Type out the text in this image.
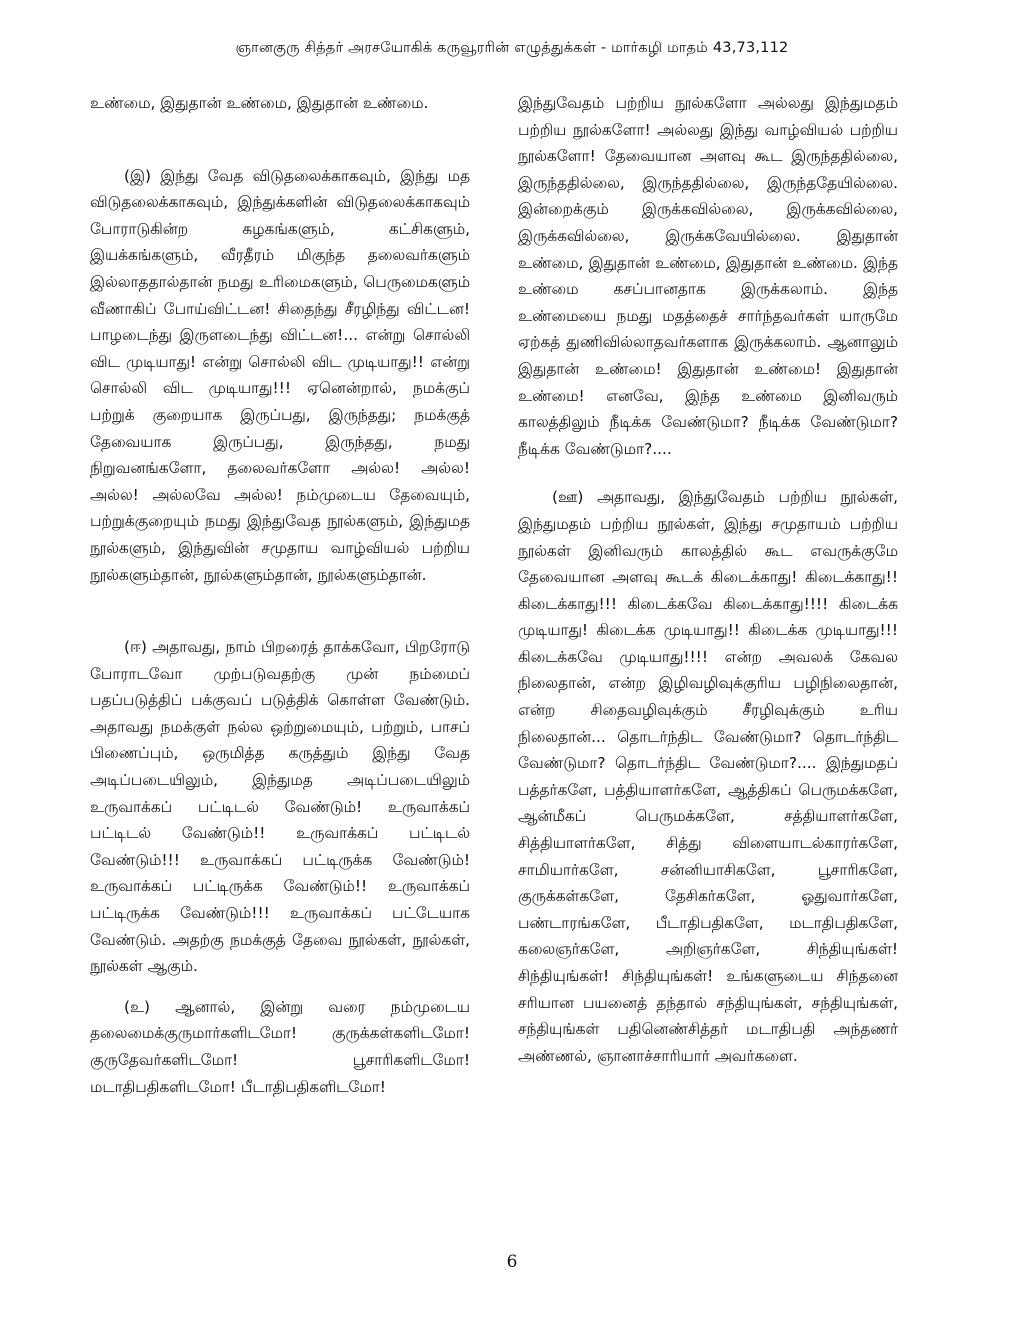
ஞானகுரு சித்தர் அரசயோகிக் கருவூரரின் எழுத்துக்கள் - மார்கழி மாதம் 43,73,112

உண்மை, இதுதான் உண்மை, இதுதான் உண்மை.

(இ) இந்து வேத விடுதலைக்காகவும், இந்து மத விடுதலைக்காகவும், இந்துக்களின் விடுதலைக்காகவும் போராடுகின்ற கழகங்களும், கட்சிகளும், இயக்கங்களும், வீரதீரம் மிகுந்த தலைவர்களும் இல்லாததால்தான் நமது உரிமைகளும், பெருமைகளும் வீணாகிப் போய்விட்டன! சிதைந்து சீரழிந்து விட்டன! பாழடைந்து இருளடைந்து விட்டன!... என்று சொல்லி விட முடியாது! என்று சொல்லி விட முடியாது!! என்று சொல்லி விட முடியாது!!! ஏனென்றால், நமக்குப் பற்றுக் குறையாக இருப்பது, இருந்தது; நமக்குத் தேவையாக இருப்பது, இருந்தது, நமது நிறுவனங்களோ, தலைவர்களோ அல்ல! அல்ல! அல்ல! அல்லவே அல்ல! நம்முடைய தேவையும், பற்றுக்குறையும் நமது இந்துவேத நூல்களும், இந்துமத நூல்களும், இந்துவின் சமுதாய வாழ்வியல் பற்றிய நூல்களும்தான், நூல்களும்தான், நூல்களும்தான்.

(ஈ) அதாவது, நாம் பிறரைத் தாக்கவோ, பிறரோடு போராடவோ முற்படுவதற்கு முன் நம்மைப் பதப்படுத்திப் பக்குவப் படுத்திக் கொள்ள வேண்டும். அதாவது நமக்குள் நல்ல ஒற்றுமையும், பற்றும், பாசப் பிணைப்பும், ஒருமித்த கருத்தும் இந்து வேத அடிப்படையிலும், இந்துமத அடிப்படையிலும் உருவாக்கப் பட்டிடல் வேண்டும்! உருவாக்கப் பட்டிடல் வேண்டும்!! உருவாக்கப் பட்டிடல் வேண்டும்!!! உருவாக்கப் பட்டிருக்க வேண்டும்! உருவாக்கப் பட்டிருக்க வேண்டும்!! உருவாக்கப் பட்டிருக்க வேண்டும்!!! உருவாக்கப் பட்டேயாக வேண்டும். அதற்கு நமக்குத் தேவை நூல்கள், நூல்கள், நூல்கள் ஆகும்.

(உ) ஆனால், இன்று வரை நம்முடைய தலைமைக்குருமார்களிடமோ! குருக்கள்களிடமோ! குருதேவர்களிடமோ! பூசாரிகளிடமோ! மடாதிபதிகளிடமோ! பீடாதிபதிகளிடமோ!

இந்துவேதம் பற்றிய நூல்களோ அல்லது இந்துமதம் பற்றிய நூல்களோ! அல்லது இந்து வாழ்வியல் பற்றிய நூல்களோ! தேவையான அளவு கூட இருந்ததில்லை, இருந்ததில்லை, இருந்ததில்லை, இருந்ததேயில்லை. இன்றைக்கும் இருக்கவில்லை, இருக்கவில்லை, இருக்கவில்லை, இருக்கவேயில்லை. இதுதான் உண்மை, இதுதான் உண்மை, இதுதான் உண்மை. இந்த உண்மை கசப்பானதாக இருக்கலாம். இந்த உண்மையை நமது மதத்தைச் சார்ந்தவர்கள் யாருமே ஏற்கத் துணிவில்லாதவர்களாக இருக்கலாம். ஆனாலும் இதுதான் உண்மை! இதுதான் உண்மை! இதுதான் உண்மை! எனவே, இந்த உண்மை இனிவரும் காலத்திலும் நீடிக்க வேண்டுமா? நீடிக்க வேண்டுமா? நீடிக்க வேண்டுமா?....

(ஊ) அதாவது, இந்துவேதம் பற்றிய நூல்கள், இந்துமதம் பற்றிய நூல்கள், இந்து சமுதாயம் பற்றிய நூல்கள் இனிவரும் காலத்தில் கூட எவருக்குமே தேவையான அளவு கூடக் கிடைக்காது! கிடைக்காது!! கிடைக்காது!!! கிடைக்கவே கிடைக்காது!!!! கிடைக்க முடியாது! கிடைக்க முடியாது!! கிடைக்க முடியாது!!! கிடைக்கவே முடியாது!!!! என்ற அவலக் கேவல நிலைதான், என்ற இழிவழிவுக்குரிய பழிநிலைதான், என்ற சிதைவழிவுக்கும் சீரழிவுக்கும் உரிய நிலைதான்... தொடர்ந்திட வேண்டுமா? தொடர்ந்திட வேண்டுமா? தொடர்ந்திட வேண்டுமா?.... இந்துமதப் பத்தர்களே, பத்தியாளர்களே, ஆத்திகப் பெருமக்களே, ஆன்மீகப் பெருமக்களே, சத்தியாளர்களே, சித்தியாளர்களே, சித்து விளையாடல்காரர்களே, சாமியார்களே, சன்னியாசிகளே, பூசாரிகளே, குருக்கள்களே, தேசிகர்களே, ஓதுவார்களே, பண்டாரங்களே, பீடாதிபதிகளே, மடாதிபதிகளே, கலைஞர்களே, அறிஞர்களே, சிந்தியுங்கள்! சிந்தியுங்கள்! சிந்தியுங்கள்! உங்களுடைய சிந்தனை சரியான பயனைத் தந்தால் சந்தியுங்கள், சந்தியுங்கள், சந்தியுங்கள் பதினெண்சித்தர் மடாதிபதி அந்தணர் அண்ணல், ஞானாச்சாரியார் அவர்களை.

6
